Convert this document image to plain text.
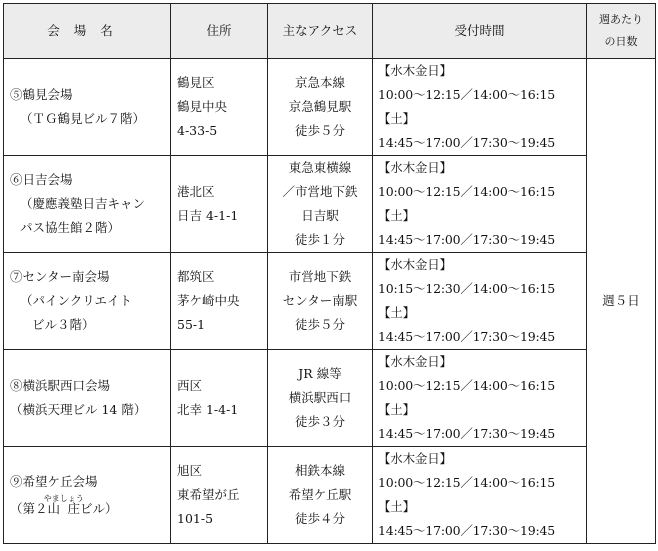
会場名	住所	主なアクセス	受付時間	週あたり
の日数

⑤鶴見会場
（ＴＧ鶴見ビル７階）	鶴見区
鶴見中央
4-33-5	京急本線
京急鶴見駅
徒歩５分	【水木金日】
10:00～12:15／14:00～16:15
【土】
14:45～17:00／17:30～19:45	週５日

⑥日吉会場
（慶應義塾日吉キャン
パス協生館２階）	港北区
日吉 4-1-1	東急東横線
／市営地下鉄
日吉駅
徒歩１分	【水木金日】
10:00～12:15／14:00～16:15
【土】
14:45～17:00／17:30～19:45	

⑦センター南会場
（パインクリエイト
ビル３階）	都筑区
茅ケ崎中央
55-1	市営地下鉄
センター南駅
徒歩５分	【水木金日】
10:15～12:30／14:00～16:15
【土】
14:45～17:00／17:30～19:45	

⑧横浜駅西口会場
（横浜天理ビル 14 階）	西区
北幸 1-4-1	JR 線等
横浜駅西口
徒歩３分	【水木金日】
10:00～12:15／14:00～16:15
【土】
14:45～17:00／17:30～19:45	

⑨希望ケ丘会場
（第２山庄やましょうビル）	旭区
東希望が丘
101-5	相鉄本線
希望ケ丘駅
徒歩４分	【水木金日】
10:00～12:15／14:00～16:15
【土】
14:45～17:00／17:30～19:45	
